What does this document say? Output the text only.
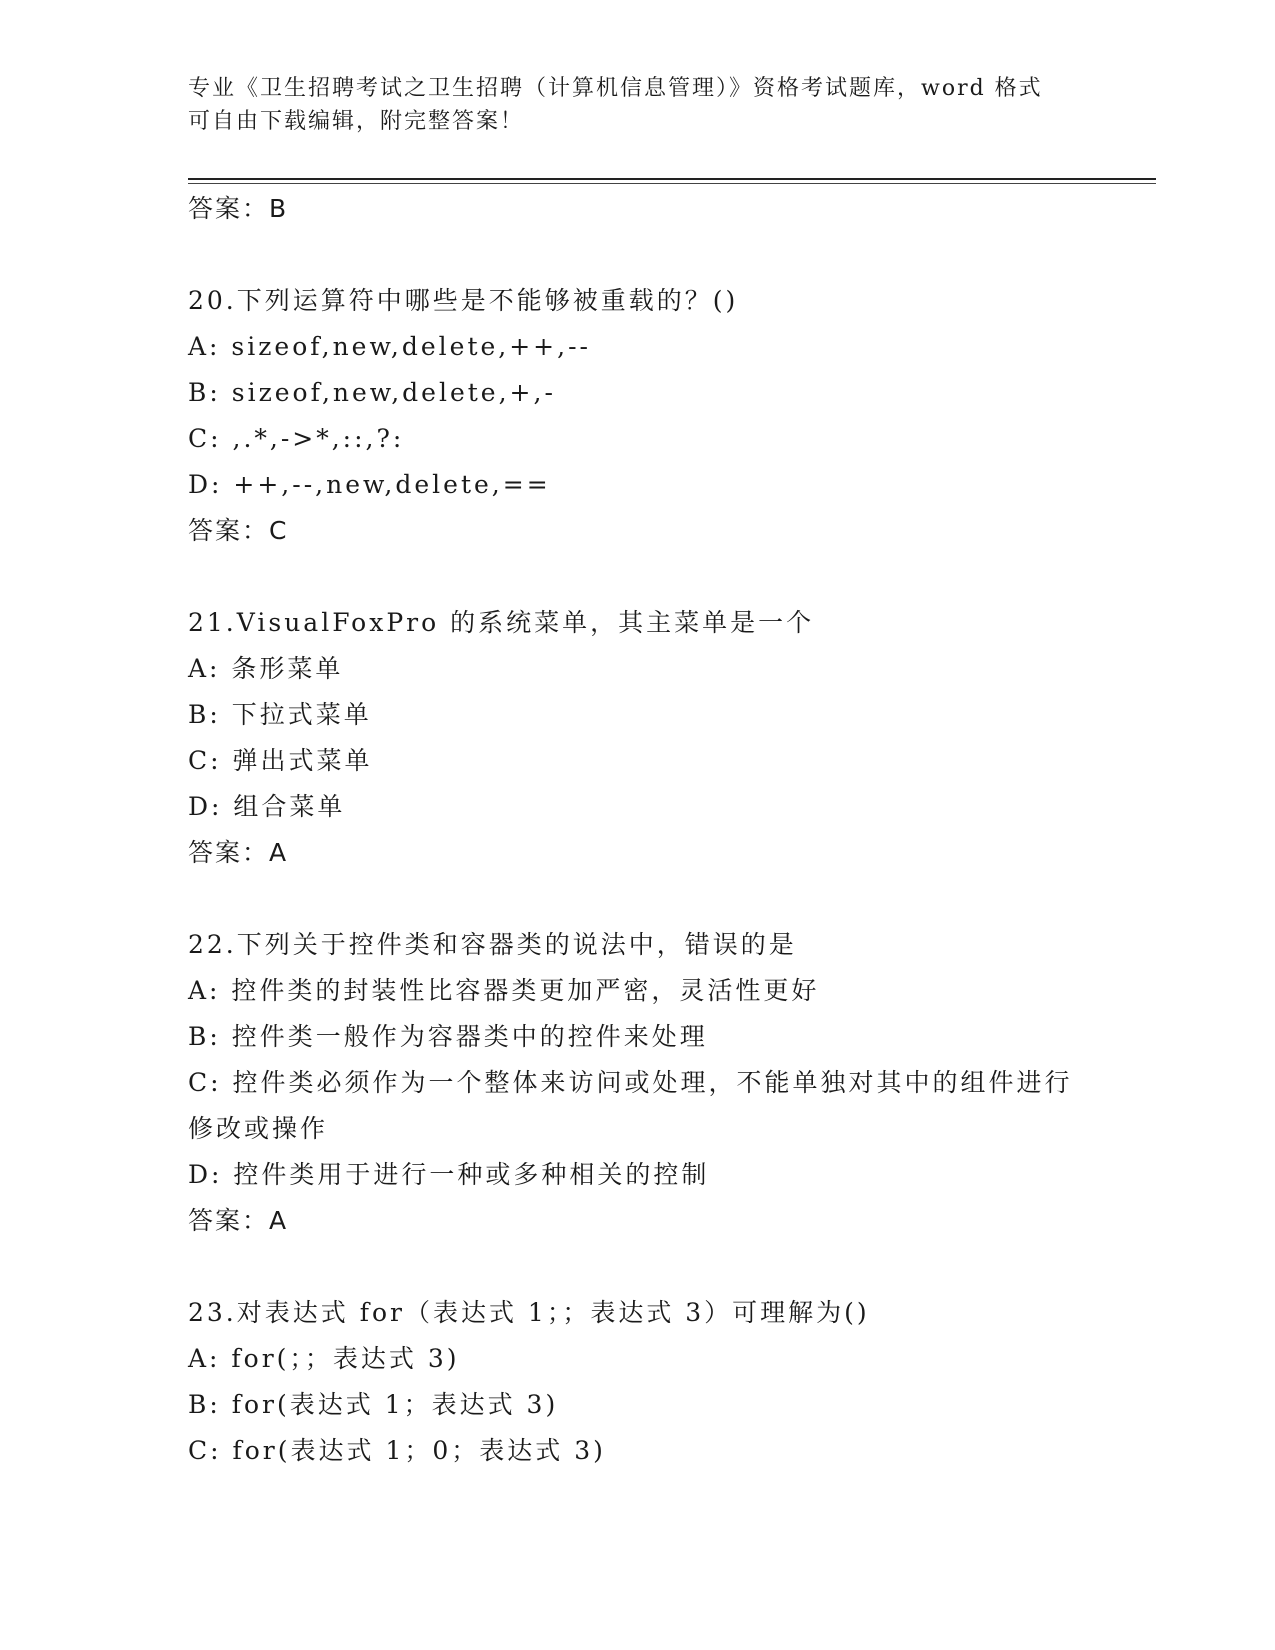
专业《卫生招聘考试之卫生招聘（计算机信息管理）》资格考试题库，word 格式
可自由下载编辑，附完整答案！
答案：B
20.下列运算符中哪些是不能够被重载的？()
A: sizeof,new,delete,++,--
B: sizeof,new,delete,+,-
C: ,.*,->*,::,?:
D: ++,--,new,delete,==
答案：C
21.VisualFoxPro 的系统菜单，其主菜单是一个
A: 条形菜单
B: 下拉式菜单
C: 弹出式菜单
D: 组合菜单
答案：A
22.下列关于控件类和容器类的说法中，错误的是
A: 控件类的封装性比容器类更加严密，灵活性更好
B: 控件类一般作为容器类中的控件来处理
C: 控件类必须作为一个整体来访问或处理，不能单独对其中的组件进行修改或操作
D: 控件类用于进行一种或多种相关的控制
答案：A
23.对表达式 for（表达式 1；；表达式 3）可理解为()
A: for(；；表达式 3)
B: for(表达式 1；表达式 3)
C: for(表达式 1；0；表达式 3)
